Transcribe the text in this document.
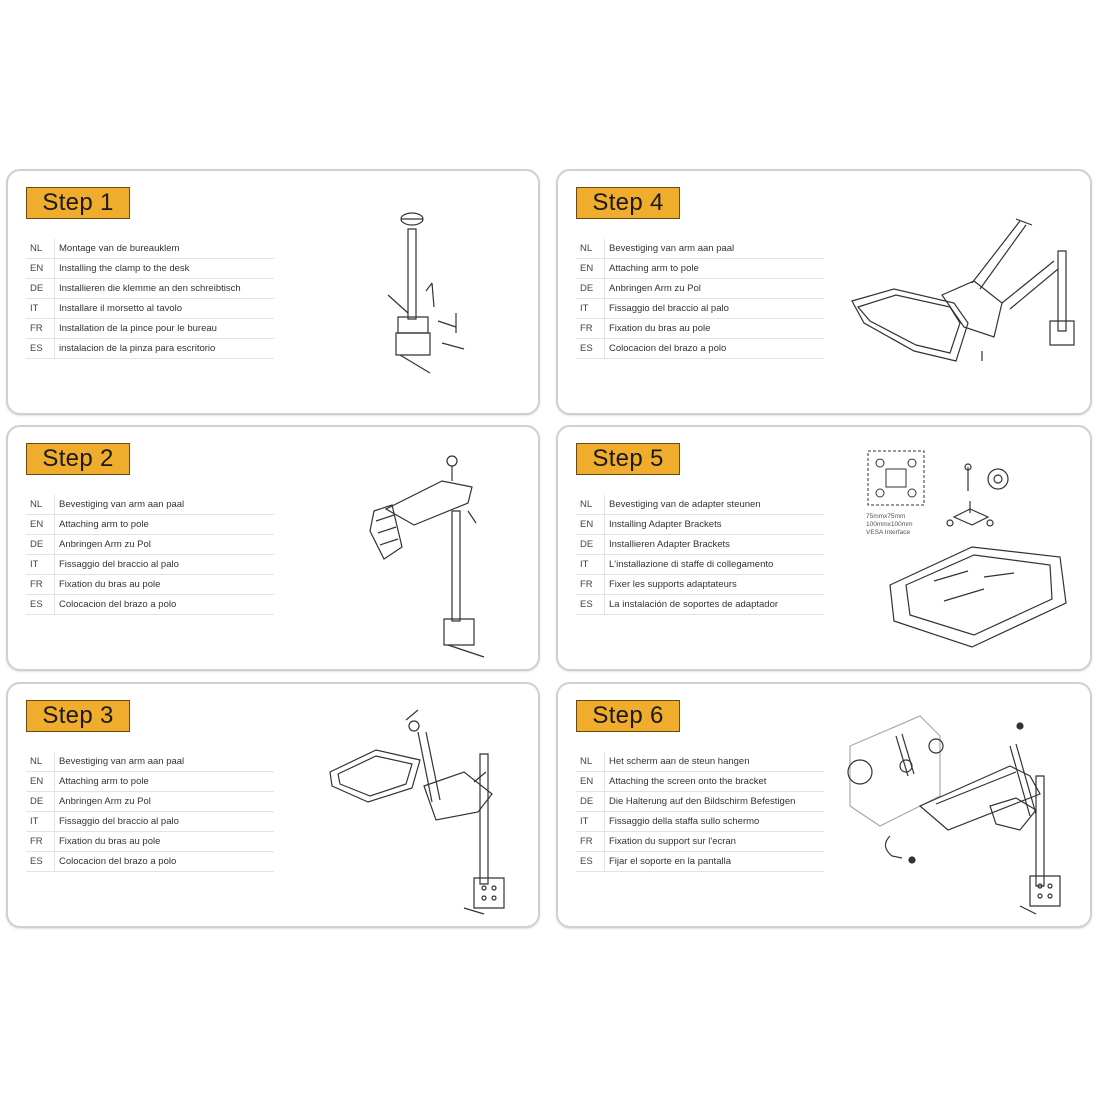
Step 1
NL	Montage van de bureauklem
EN	Installing the clamp to the desk
DE	Installieren die klemme an den schreibtisch
IT	Installare il morsetto al tavolo
FR	Installation de la pince pour le bureau
ES	instalacion de la pinza para escritorio
Step 4
NL	Bevestiging van arm aan paal
EN	Attaching arm to pole
DE	Anbringen Arm zu Pol
IT	Fissaggio del braccio al palo
FR	Fixation du bras au pole
ES	Colocacion del brazo a polo
Step 2
NL	Bevestiging van arm aan paal
EN	Attaching arm to pole
DE	Anbringen Arm zu Pol
IT	Fissaggio del braccio al palo
FR	Fixation du bras au pole
ES	Colocacion del brazo a polo
Step 5
NL	Bevestiging van de adapter steunen
EN	Installing Adapter Brackets
DE	Installieren Adapter Brackets
IT	L'installazione di staffe di collegamento
FR	Fixer les supports adaptateurs
ES	La instalación de soportes de adaptador
75mmx75mm
100mmx100mm
VESA Interface
Step 3
NL	Bevestiging van arm aan paal
EN	Attaching arm to pole
DE	Anbringen Arm zu Pol
IT	Fissaggio del braccio al palo
FR	Fixation du bras au pole
ES	Colocacion del brazo a polo
Step 6
NL	Het scherm aan de steun hangen
EN	Attaching the screen onto the bracket
DE	Die Halterung auf den Bildschirm Befestigen
IT	Fissaggio della staffa sullo schermo
FR	Fixation du support sur l'ecran
ES	Fijar el soporte en la pantalla
